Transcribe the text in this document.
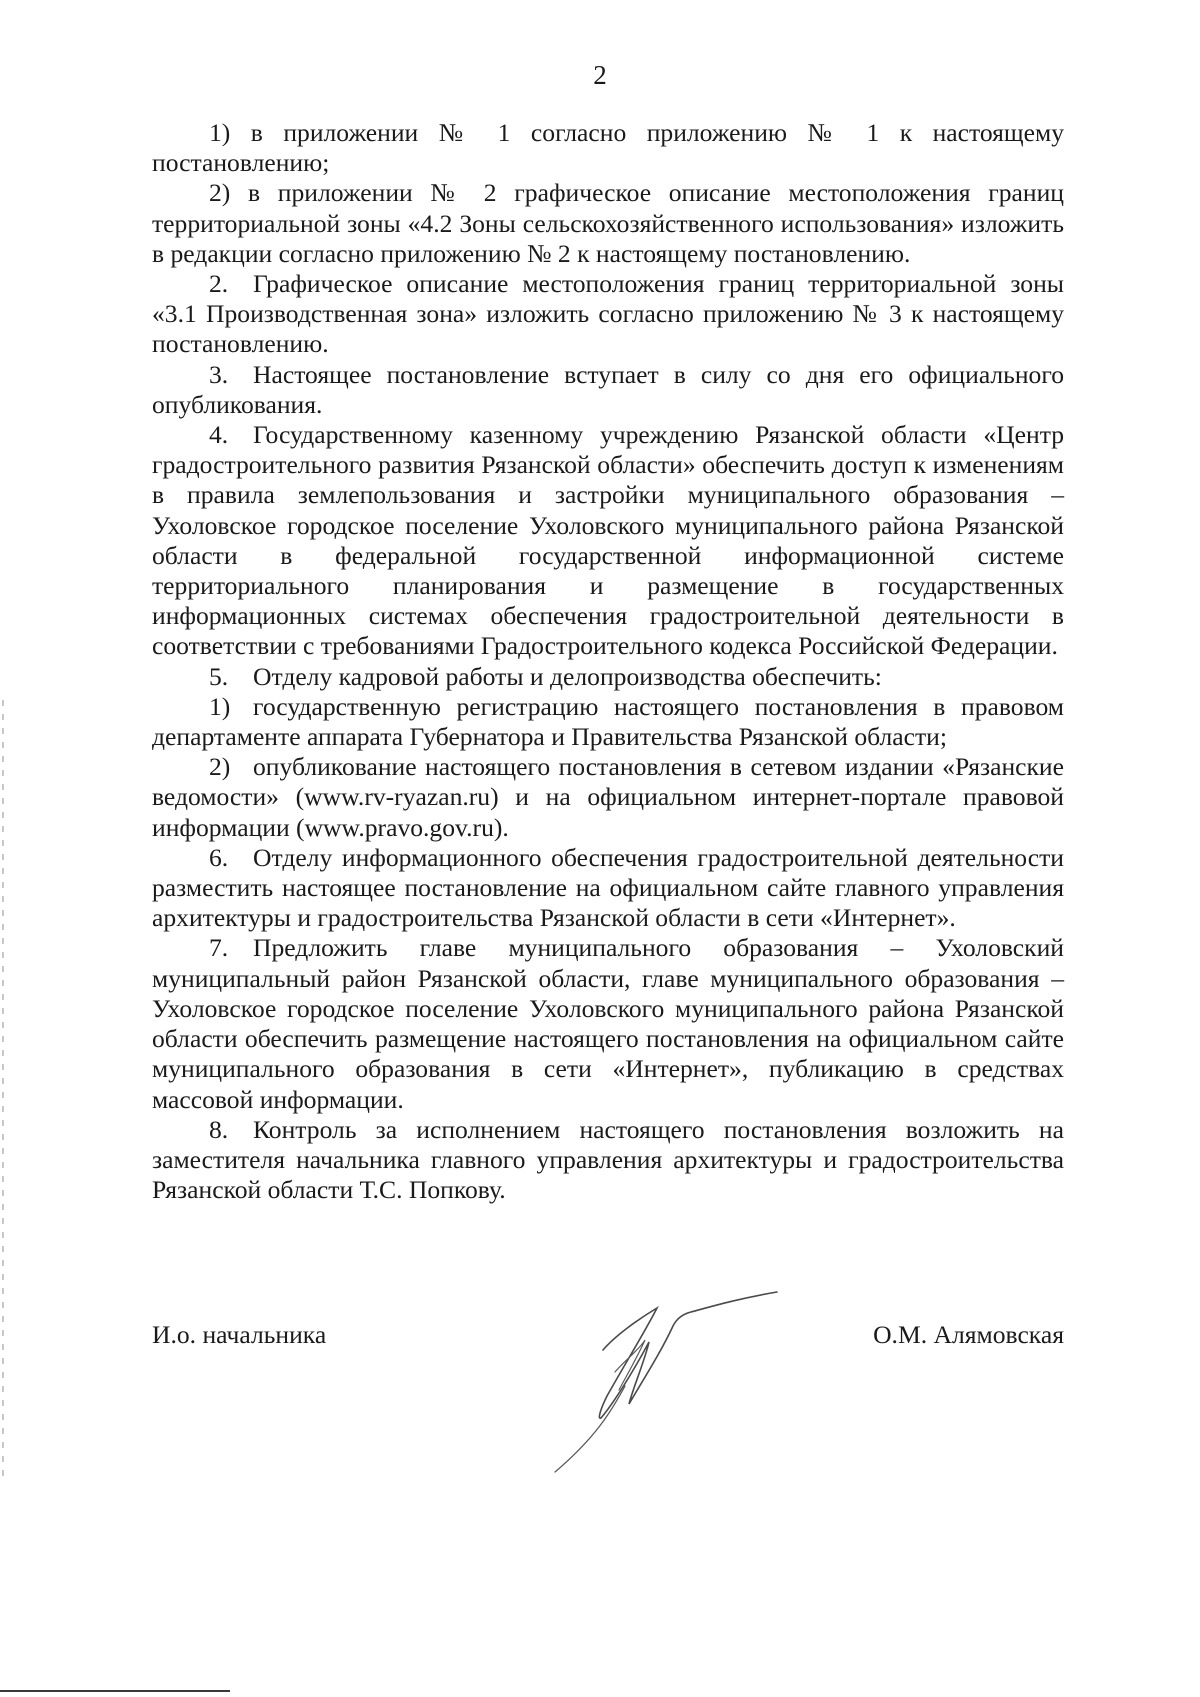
2

1) в приложении № 1 согласно приложению № 1 к настоящему постановлению;

2) в приложении № 2 графическое описание местоположения границ территориальной зоны «4.2 Зоны сельскохозяйственного использования» изложить в редакции согласно приложению № 2 к настоящему постановлению.

2. Графическое описание местоположения границ территориальной зоны «3.1 Производственная зона» изложить согласно приложению № 3 к настоящему постановлению.

3. Настоящее постановление вступает в силу со дня его официального опубликования.

4. Государственному казенному учреждению Рязанской области «Центр градостроительного развития Рязанской области» обеспечить доступ к изменениям в правила землепользования и застройки муниципального образования – Ухоловское городское поселение Ухоловского муниципального района Рязанской области в федеральной государственной информационной системе территориального планирования и размещение в государственных информационных системах обеспечения градостроительной деятельности в соответствии с требованиями Градостроительного кодекса Российской Федерации.

5. Отделу кадровой работы и делопроизводства обеспечить:

1) государственную регистрацию настоящего постановления в правовом департаменте аппарата Губернатора и Правительства Рязанской области;

2) опубликование настоящего постановления в сетевом издании «Рязанские ведомости» (www.rv-ryazan.ru) и на официальном интернет-портале правовой информации (www.pravo.gov.ru).

6. Отделу информационного обеспечения градостроительной деятельности разместить настоящее постановление на официальном сайте главного управления архитектуры и градостроительства Рязанской области в сети «Интернет».

7. Предложить главе муниципального образования – Ухоловский муниципальный район Рязанской области, главе муниципального образования – Ухоловское городское поселение Ухоловского муниципального района Рязанской области обеспечить размещение настоящего постановления на официальном сайте муниципального образования в сети «Интернет», публикацию в средствах массовой информации.

8. Контроль за исполнением настоящего постановления возложить на заместителя начальника главного управления архитектуры и градостроительства Рязанской области Т.С. Попкову.

И.о. начальника	О.М. Алямовская
